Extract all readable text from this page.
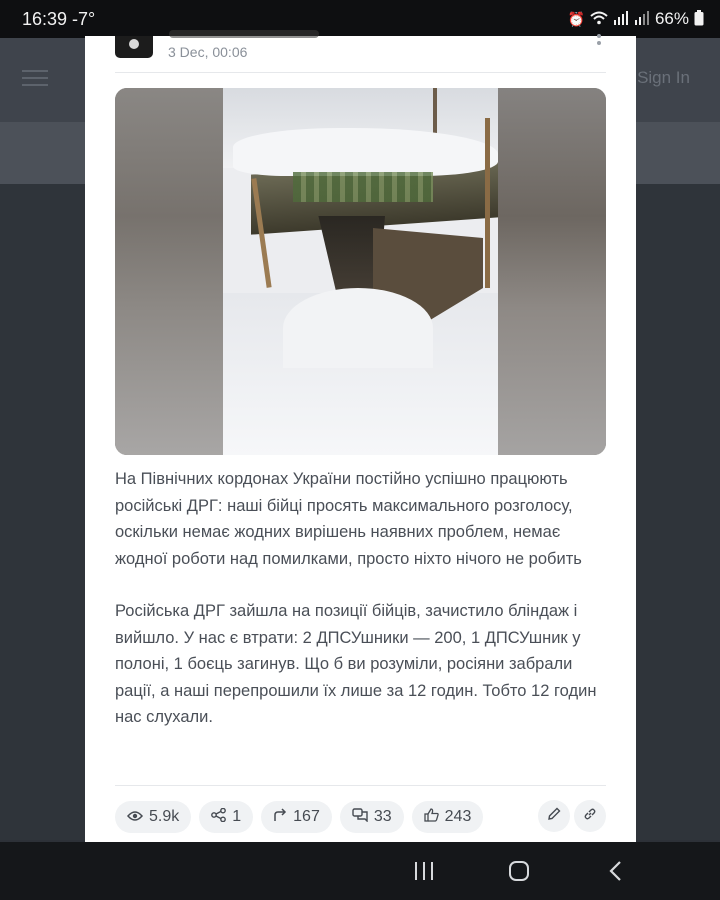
16:39 -7°	⏰	66%
Sign In
3 Dec, 00:06

На Північних кордонах України постійно успішно працюють російські ДРГ: наші бійці просять максимального розголосу, оскільки немає жодних вирішень наявних проблем, немає жодної роботи над помилками, просто ніхто нічого не робить

Російська ДРГ зайшла на позиції бійців, зачистило бліндаж і вийшло. У нас є втрати: 2 ДПСУшники — 200, 1 ДПСУшник у полоні, 1 боєць загинув. Що б ви розуміли, росіяни забрали рації, а наші перепрошили їх лише за 12 годин. Тобто 12 годин нас слухали.

5.9k	1	167	33	243
